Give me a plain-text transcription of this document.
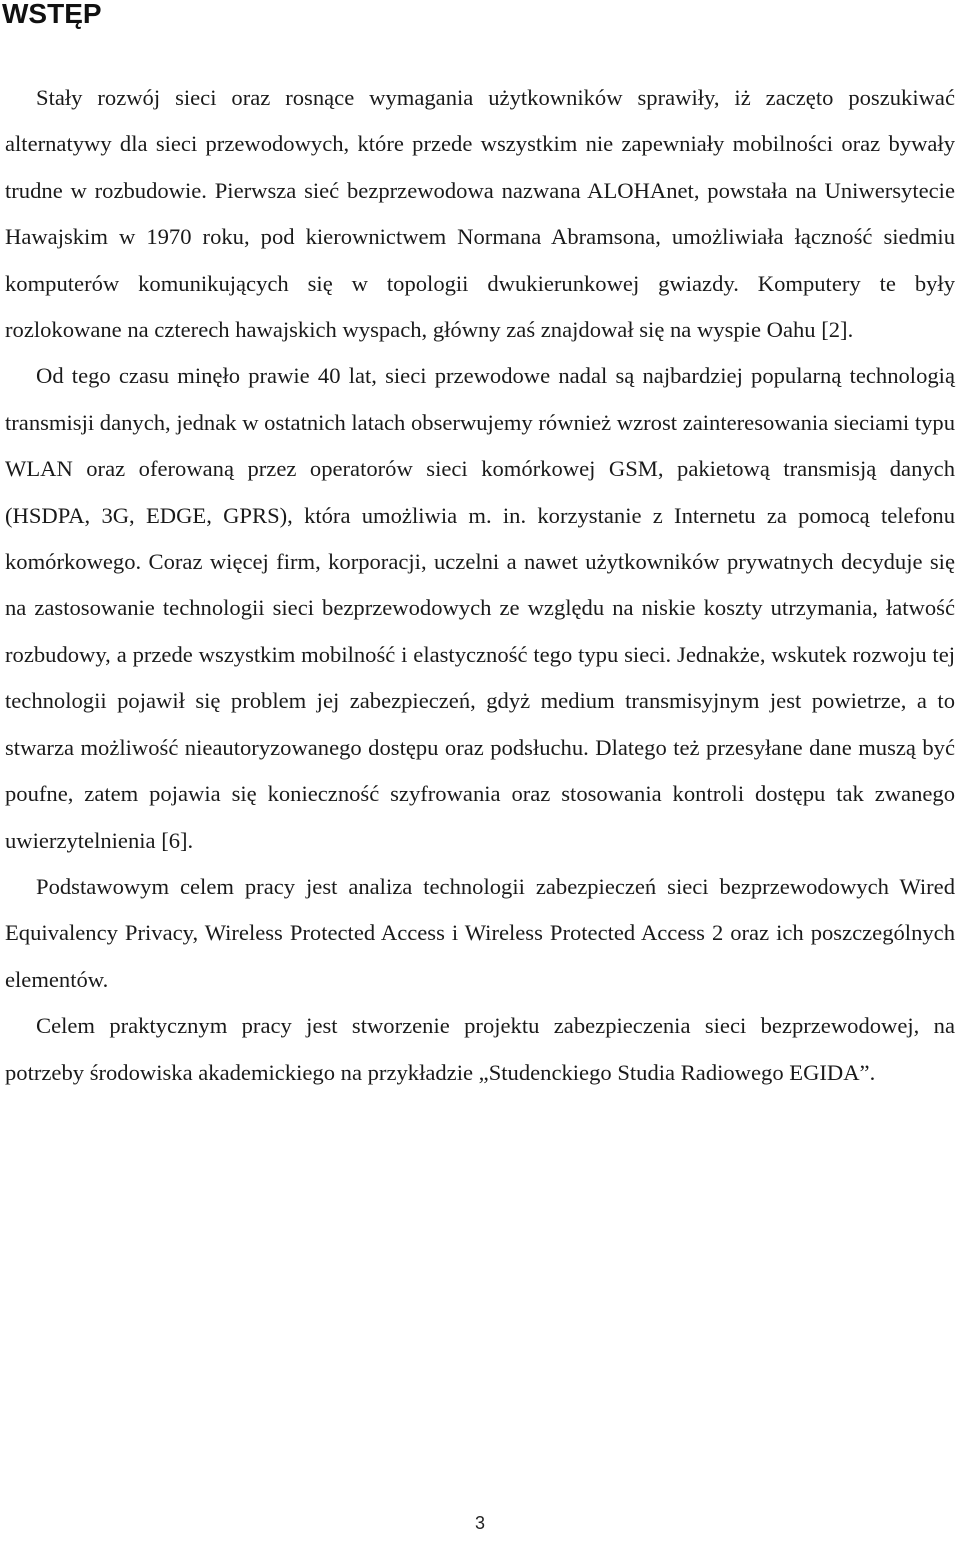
WSTĘP

Stały rozwój sieci oraz rosnące wymagania użytkowników sprawiły, iż zaczęto poszukiwać alternatywy dla sieci przewodowych, które przede wszystkim nie zapewniały mobilności oraz bywały trudne w rozbudowie. Pierwsza sieć bezprzewodowa nazwana ALOHAnet, powstała na Uniwersytecie Hawajskim w 1970 roku, pod kierownictwem Normana Abramsona, umożliwiała łączność siedmiu komputerów komunikujących się w topologii dwukierunkowej gwiazdy. Komputery te były rozlokowane na czterech hawajskich wyspach, główny zaś znajdował się na wyspie Oahu [2].

Od tego czasu minęło prawie 40 lat, sieci przewodowe nadal są najbardziej popularną technologią transmisji danych, jednak w ostatnich latach obserwujemy również wzrost zainteresowania sieciami typu WLAN oraz oferowaną przez operatorów sieci komórkowej GSM, pakietową transmisją danych (HSDPA, 3G, EDGE, GPRS), która umożliwia m. in. korzystanie z Internetu za pomocą telefonu komórkowego. Coraz więcej firm, korporacji, uczelni a nawet użytkowników prywatnych decyduje się na zastosowanie technologii sieci bezprzewodowych ze względu na niskie koszty utrzymania, łatwość rozbudowy, a przede wszystkim mobilność i elastyczność tego typu sieci. Jednakże, wskutek rozwoju tej technologii pojawił się problem jej zabezpieczeń, gdyż medium transmisyjnym jest powietrze, a to stwarza możliwość nieautoryzowanego dostępu oraz podsłuchu. Dlatego też przesyłane dane muszą być poufne, zatem pojawia się konieczność szyfrowania oraz stosowania kontroli dostępu tak zwanego uwierzytelnienia [6].

Podstawowym celem pracy jest analiza technologii zabezpieczeń sieci bezprzewodowych Wired Equivalency Privacy, Wireless Protected Access i Wireless Protected Access 2 oraz ich poszczególnych elementów.

Celem praktycznym pracy jest stworzenie projektu zabezpieczenia sieci bezprzewodowej, na potrzeby środowiska akademickiego na przykładzie „Studenckiego Studia Radiowego EGIDA”.

3
